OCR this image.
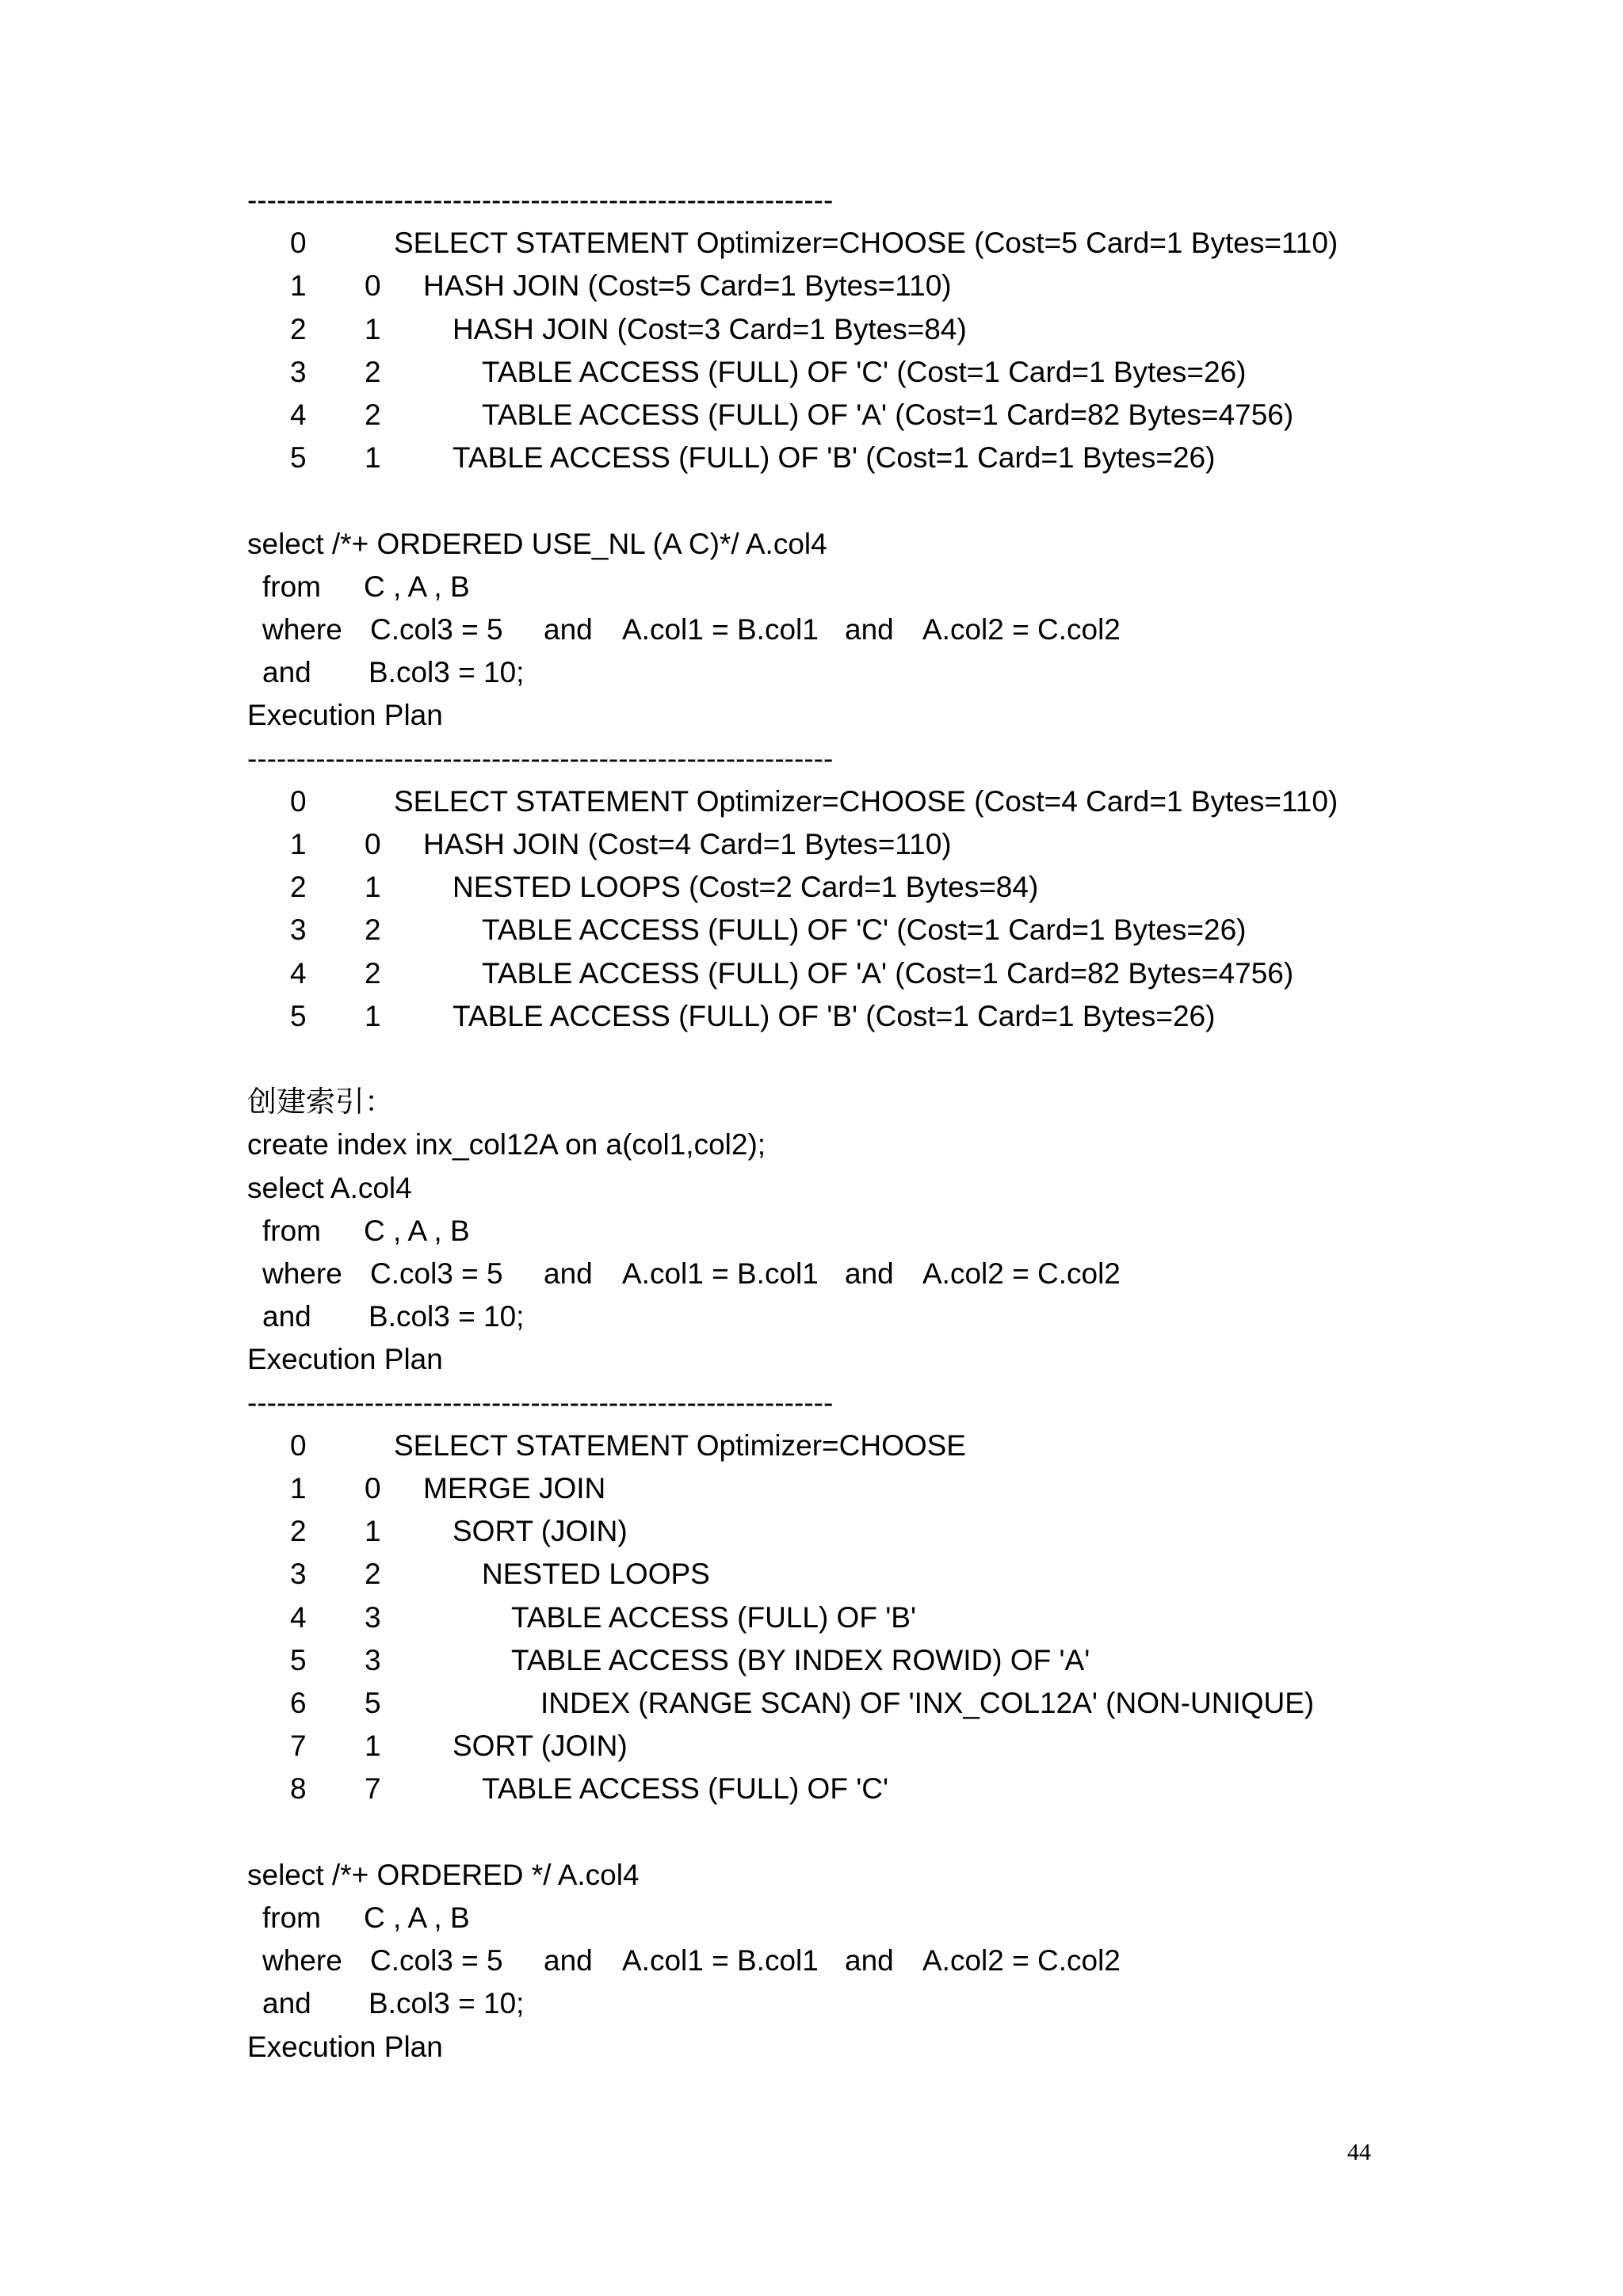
------------------------------------------------------------
0	SELECT STATEMENT Optimizer=CHOOSE (Cost=5 Card=1 Bytes=110)
1 0 HASH JOIN (Cost=5 Card=1 Bytes=110)
2 1 HASH JOIN (Cost=3 Card=1 Bytes=84)
3 2	TABLE ACCESS (FULL) OF 'C' (Cost=1 Card=1 Bytes=26)
4 2	TABLE ACCESS (FULL) OF 'A' (Cost=1 Card=82 Bytes=4756)
5 1 TABLE ACCESS (FULL) OF 'B' (Cost=1 Card=1 Bytes=26)
select /*+ ORDERED USE_NL (A C)*/ A.col4
from C , A , B
where C.col3 = 5 and A.col1 = B.col1 and A.col2 = C.col2
and B.col3 = 10;
Execution Plan
------------------------------------------------------------
0	SELECT STATEMENT Optimizer=CHOOSE (Cost=4 Card=1 Bytes=110)
1 0 HASH JOIN (Cost=4 Card=1 Bytes=110)
2 1 NESTED LOOPS (Cost=2 Card=1 Bytes=84)
3 2	TABLE ACCESS (FULL) OF 'C' (Cost=1 Card=1 Bytes=26)
4 2	TABLE ACCESS (FULL) OF 'A' (Cost=1 Card=82 Bytes=4756)
5 1 TABLE ACCESS (FULL) OF 'B' (Cost=1 Card=1 Bytes=26)
创建索引：
create index inx_col12A on a(col1,col2);
select A.col4
from C , A , B
where C.col3 = 5 and A.col1 = B.col1 and A.col2 = C.col2
and B.col3 = 10;
Execution Plan
------------------------------------------------------------
0	SELECT STATEMENT Optimizer=CHOOSE
1 0 MERGE JOIN
2 1 SORT (JOIN)
3 2	NESTED LOOPS
4 3	TABLE ACCESS (FULL) OF 'B'
5 3	TABLE ACCESS (BY INDEX ROWID) OF 'A'
6 5	INDEX (RANGE SCAN) OF 'INX_COL12A' (NON-UNIQUE)
7 1 SORT (JOIN)
8 7	TABLE ACCESS (FULL) OF 'C'
select /*+ ORDERED */ A.col4
from C , A , B
where C.col3 = 5 and A.col1 = B.col1 and A.col2 = C.col2
and B.col3 = 10;
Execution Plan
44
